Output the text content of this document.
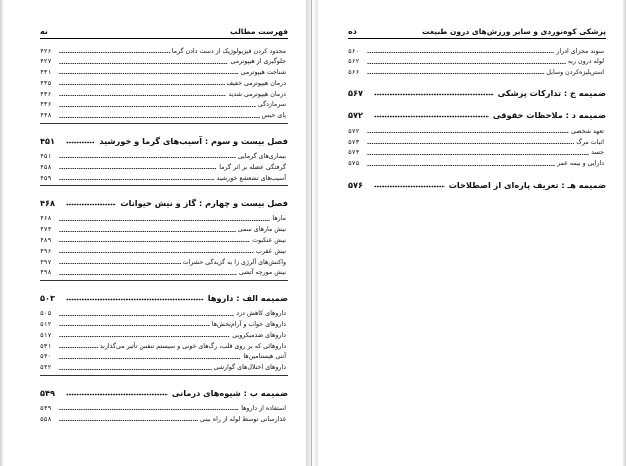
فهرست مطالب
نه
محدود کردن فیزیولوژیک از دست دادن گرما
۴۲۶
جلوگیری از هیپوترمی
۴۲۷
شناخت هیپوترمی
۴۳۱
درمان هیپوترمی خفیف
۴۳۵
درمان هیپوترمی شدید
۴۳۶
سرمازدگی
۴۳۶
پای خیس
۴۴۸
فصل بیست و سوم : آسیب‌های گرما و خورشید
۴۵۱
بیماری‌های گرمایی
۴۵۱
گرفتگی عضله بر اثر گرما
۴۵۸
آسیب‌های تشعشع خورشید
۴۵۹
فصل بیست و چهارم : گاز و نیش حیوانات
۴۶۸
مارها
۴۶۸
نیش مارهای سمی
۴۷۴
نیش عنکبوت
۴۸۹
نیش عقرب
۴۹۶
واکنش‌های آلرژی زا به گزیدگی حشرات
۴۹۷
نیش مورچه آتشی
۴۹۸
ضمیمه الف : داروها
۵۰۳
داروهای کاهش درد
۵۰۵
داروهای خواب و آرام‌بخش‌ها
۵۱۲
داروهای ضدمیکروبی
۵۱۷
داروهائی که بر روی قلب، رگ‌های خونی و سیستم تنفس تأثیر می‌گذارند
۵۳۱
آنتی هیستامین‌ها
۵۴۰
داروهای اختلال‌های گوارشی
۵۴۲
ضمیمه ب : شیوه‌های درمانی
۵۴۹
استفاده از داروها
۵۴۹
غذارسانی توسط لوله از راه بینی
۵۵۸
پزشکی کوه‌نوردی و سایر ورزش‌های درون طبیعت
ده
سوند مجرای ادرار
۵۶۰
لوله درون ریه
۵۶۲
استریلیزه‌کردن وسایل
۵۶۶
ضمیمه ج : تدارکات پزشکی
۵۶۷
ضمیمه د : ملاحظات حقوقی
۵۷۲
تعهد شخصی
۵۷۲
اثبات مرگ
۵۷۳
جسد
۵۷۴
دارایی و بیمه عمر
۵۷۵
ضمیمه هـ : تعریف پاره‌ای از اصطلاحات
۵۷۶
